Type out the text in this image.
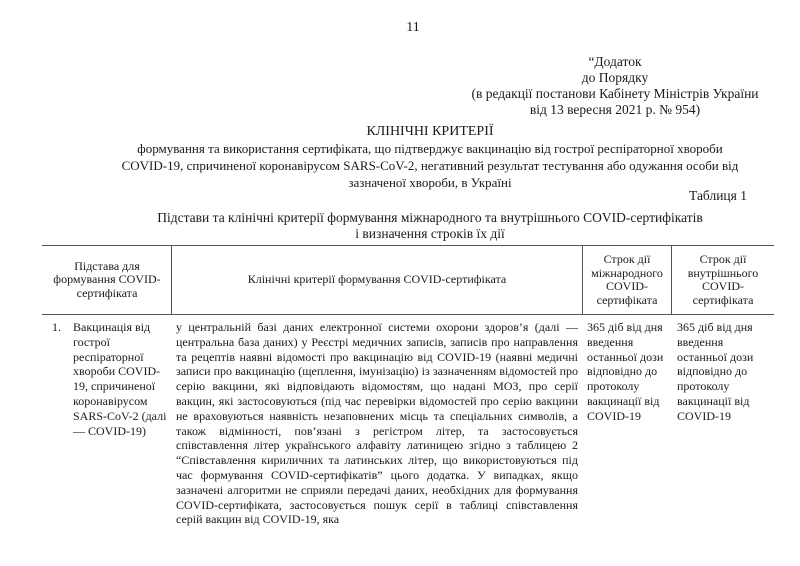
11
“Додаток
до Порядку
(в редакції постанови Кабінету Міністрів України
від 13 вересня 2021 р. № 954)
КЛІНІЧНІ КРИТЕРІЇ
формування та використання сертифіката, що підтверджує вакцинацію від гострої респіраторної хвороби
COVID-19, спричиненої коронавірусом SARS-CoV-2, негативний результат тестування або одужання особи від
зазначеної хвороби, в Україні
Таблиця 1
Підстави та клінічні критерії формування міжнародного та внутрішнього COVID-сертифікатів
і визначення строків їх дії
Підстава для формування COVID-сертифіката
Клінічні критерії формування COVID-сертифіката
Строк дії міжнародного COVID-сертифіката
Строк дії внутрішнього COVID-сертифіката
1. Вакцинація від гострої респіраторної хвороби COVID-19, спричиненої коронавірусом SARS-CoV-2 (далі — COVID-19)
у центральній базі даних електронної системи охорони здоров’я (далі — центральна база даних) у Реєстрі медичних записів, записів про направлення та рецептів наявні відомості про вакцинацію від COVID-19 (наявні медичні записи про вакцинацію (щеплення, імунізацію) із зазначенням відомостей про серію вакцини, які відповідають відомостям, що надані МОЗ, про серії вакцин, які застосовуються (під час перевірки відомостей про серію вакцини не враховуються наявність незаповнених місць та спеціальних символів, а також відмінності, пов’язані з регістром літер, та застосовується співставлення літер українського алфавіту латиницею згідно з таблицею 2 “Співставлення кириличних та латинських літер, що використовуються під час формування COVID-сертифікатів” цього додатка. У випадках, якщо зазначені алгоритми не сприяли передачі даних, необхідних для формування COVID-сертифіката, застосовується пошук серії в таблиці співставлення серій вакцин від COVID-19, яка
365 діб від дня введення останньої дози відповідно до протоколу вакцинації від COVID-19
365 діб від дня введення останньої дози відповідно до протоколу вакцинації від COVID-19
